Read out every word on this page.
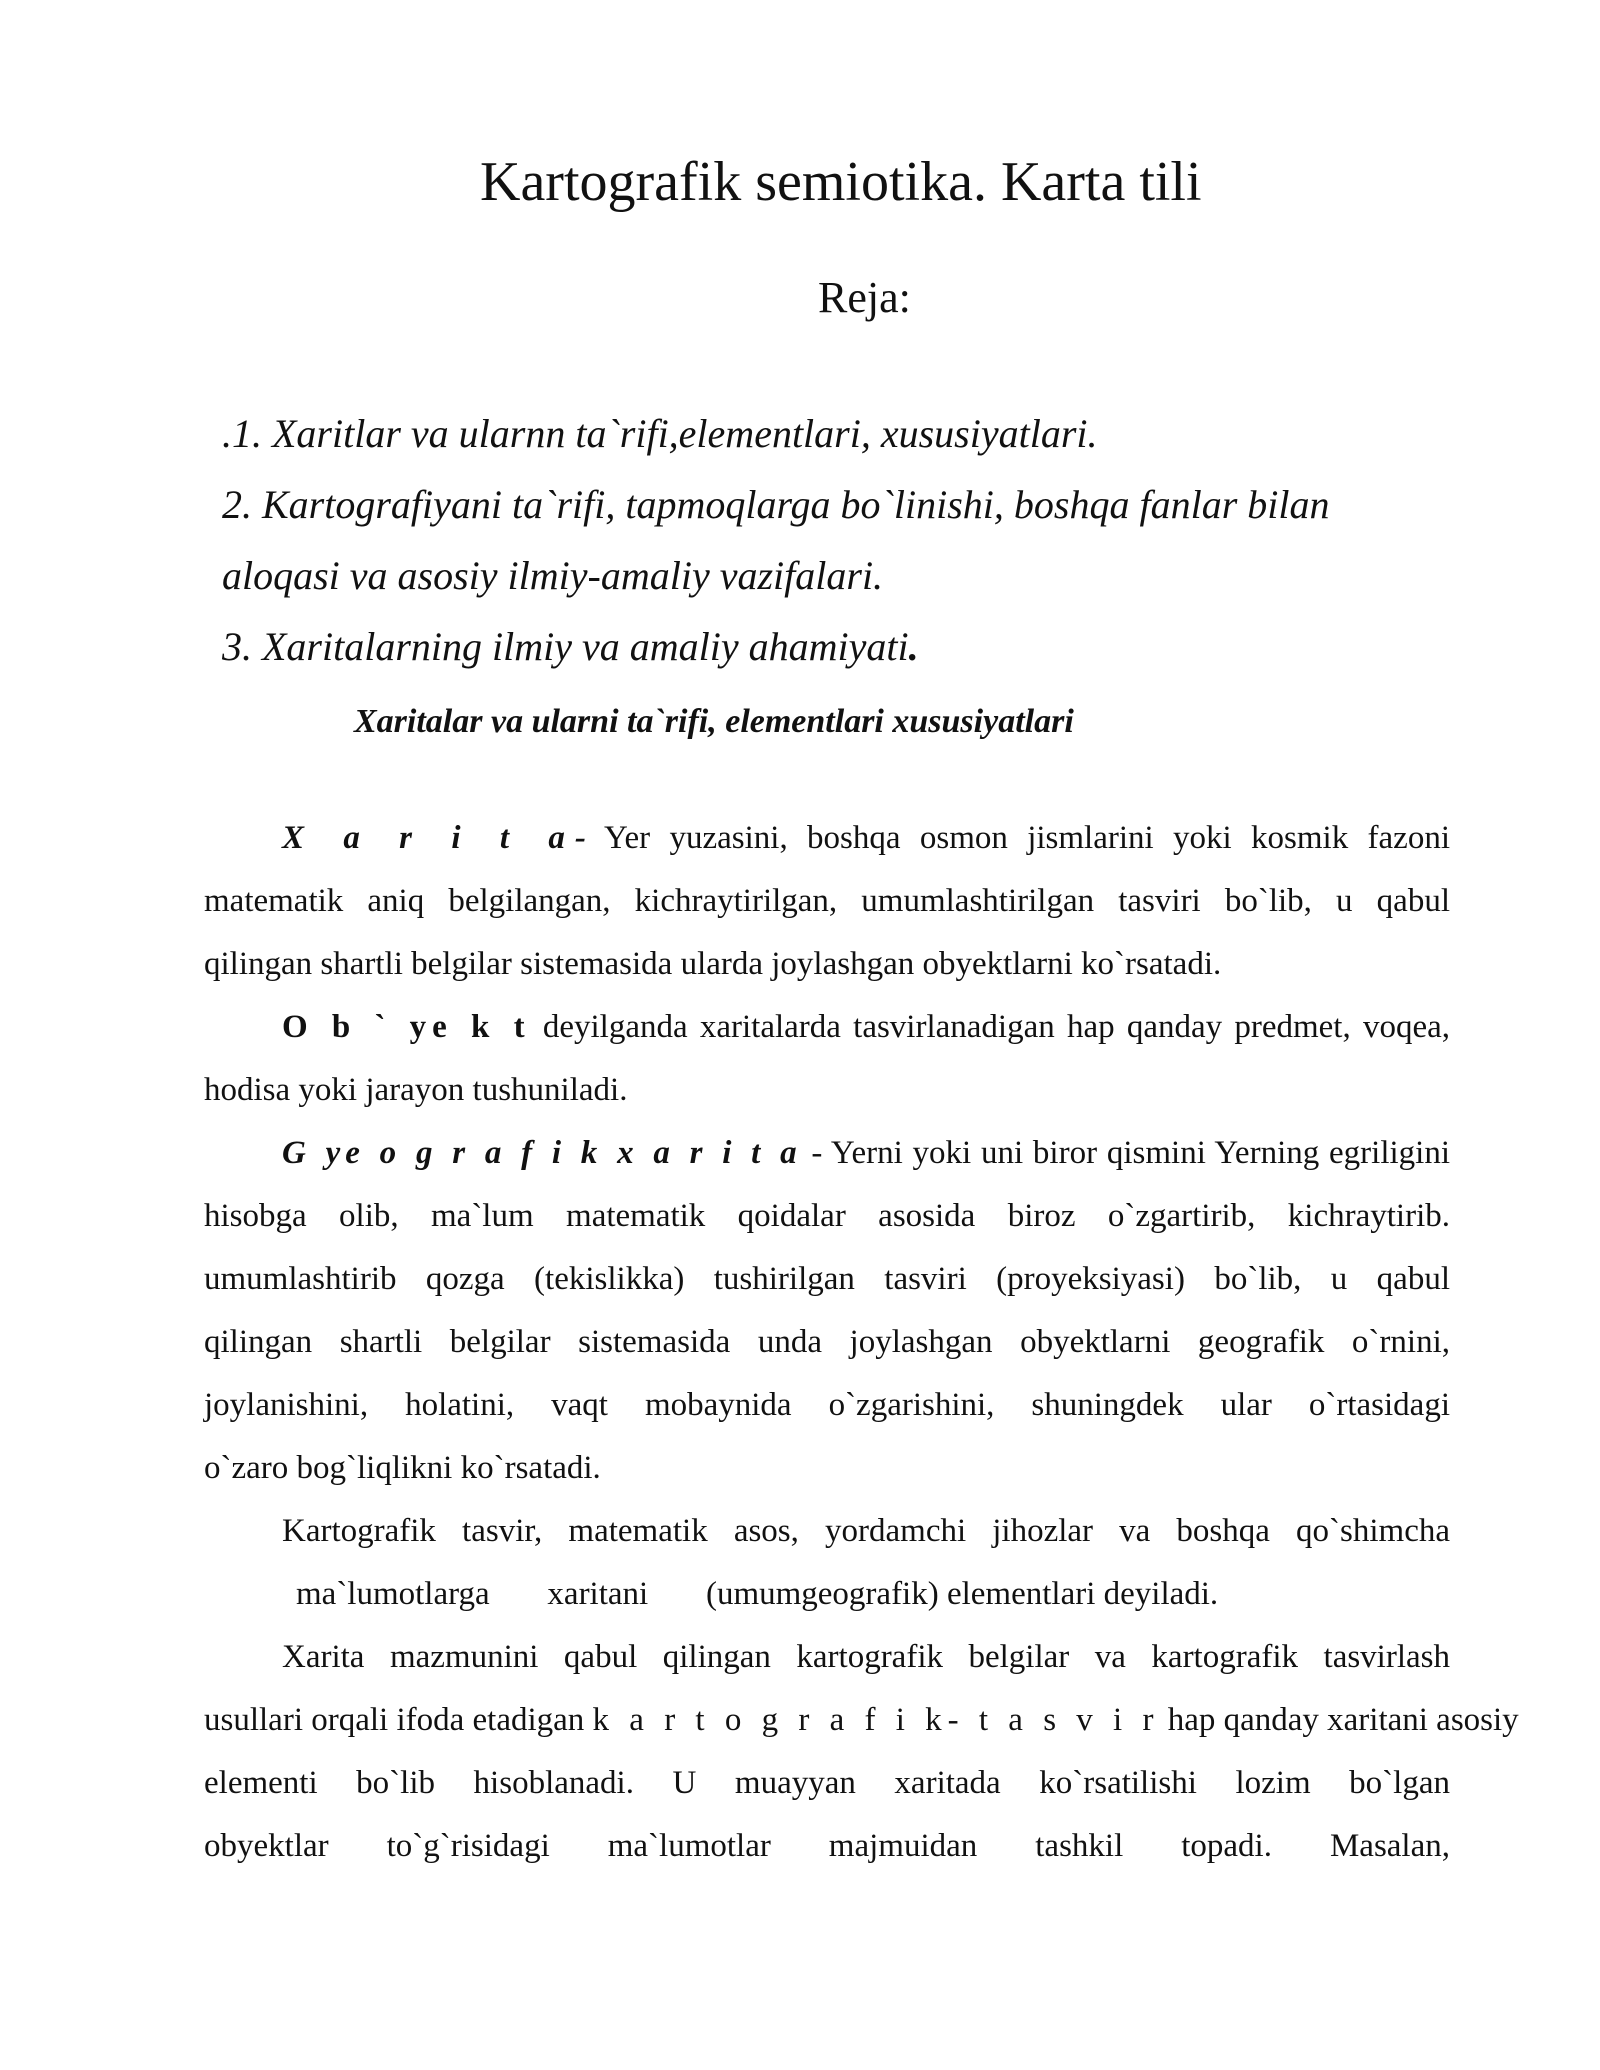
Kartografik semiotika. Karta tili
Reja:
.1. Xaritlar va ularnn ta`rifi,elementlari, xususiyatlari.
2. Kartografiyani ta`rifi, tapmoqlarga bo`linishi, boshqa fanlar bilan
aloqasi va asosiy ilmiy-amaliy vazifalari.
3. Xaritalarning ilmiy va amaliy ahamiyati.
Xaritalar va ularni ta`rifi, elementlari xususiyatlari
X a r i t a- Yer yuzasini, boshqa osmon jismlarini yoki kosmik fazoni
matematik aniq belgilangan, kichraytirilgan, umumlashtirilgan tasviri bo`lib, u qabul
qilingan shartli belgilar sistemasida ularda joylashgan obyektlarni ko`rsatadi.
O b ` ye k t deyilganda xaritalarda tasvirlanadigan hap qanday predmet, voqea,
hodisa yoki jarayon tushuniladi.
G ye o g r a f i k x a r i t a - Yerni yoki uni biror qismini Yerning egriligini
hisobga olib, ma`lum matematik qoidalar asosida biroz o`zgartirib, kichraytirib.
umumlashtirib qozga (tekislikka) tushirilgan tasviri (proyeksiyasi) bo`lib, u qabul
qilingan shartli belgilar sistemasida unda joylashgan obyektlarni geografik o`rnini,
joylanishini, holatini, vaqt mobaynida o`zgarishini, shuningdek ular o`rtasidagi
o`zaro bog`liqlikni ko`rsatadi.
Kartografik tasvir, matematik asos, yordamchi jihozlar va boshqa qo`shimcha
ma`lumotlarga       xaritani       (umumgeografik) elementlari deyiladi.
Xarita mazmunini qabul qilingan kartografik belgilar va kartografik tasvirlash
usullari orqali ifoda etadigan k a r t o g r a f i k- t a s v i r hap qanday xaritani asosiy
elementi bo`lib hisoblanadi. U muayyan xaritada ko`rsatilishi lozim bo`lgan
obyektlar to`g`risidagi ma`lumotlar majmuidan tashkil topadi. Masalan,
